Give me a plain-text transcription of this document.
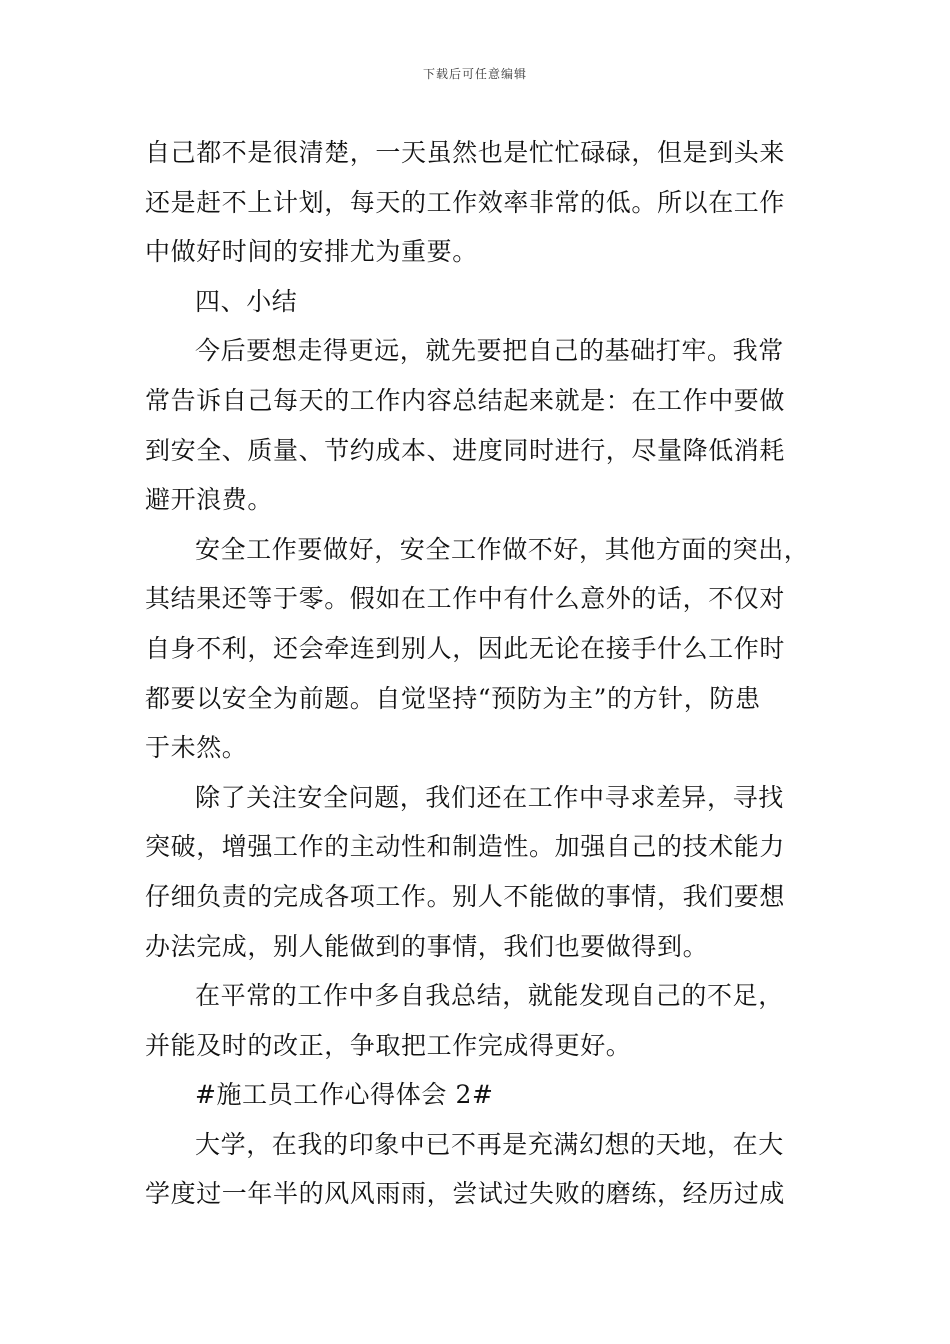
下载后可任意编辑

自己都不是很清楚，一天虽然也是忙忙碌碌，但是到头来
还是赶不上计划，每天的工作效率非常的低。所以在工作
中做好时间的安排尤为重要。

四、小结

今后要想走得更远，就先要把自己的基础打牢。我常
常告诉自己每天的工作内容总结起来就是：在工作中要做
到安全、质量、节约成本、进度同时进行，尽量降低消耗
避开浪费。

安全工作要做好，安全工作做不好，其他方面的突出，
其结果还等于零。假如在工作中有什么意外的话，不仅对
自身不利，还会牵连到别人，因此无论在接手什么工作时
都要以安全为前题。自觉坚持“预防为主”的方针，防患
于未然。

除了关注安全问题，我们还在工作中寻求差异，寻找
突破，增强工作的主动性和制造性。加强自己的技术能力
仔细负责的完成各项工作。别人不能做的事情，我们要想
办法完成，别人能做到的事情，我们也要做得到。

在平常的工作中多自我总结，就能发现自己的不足，
并能及时的改正，争取把工作完成得更好。

#施工员工作心得体会 2#

大学，在我的印象中已不再是充满幻想的天地，在大
学度过一年半的风风雨雨，尝试过失败的磨练，经历过成
